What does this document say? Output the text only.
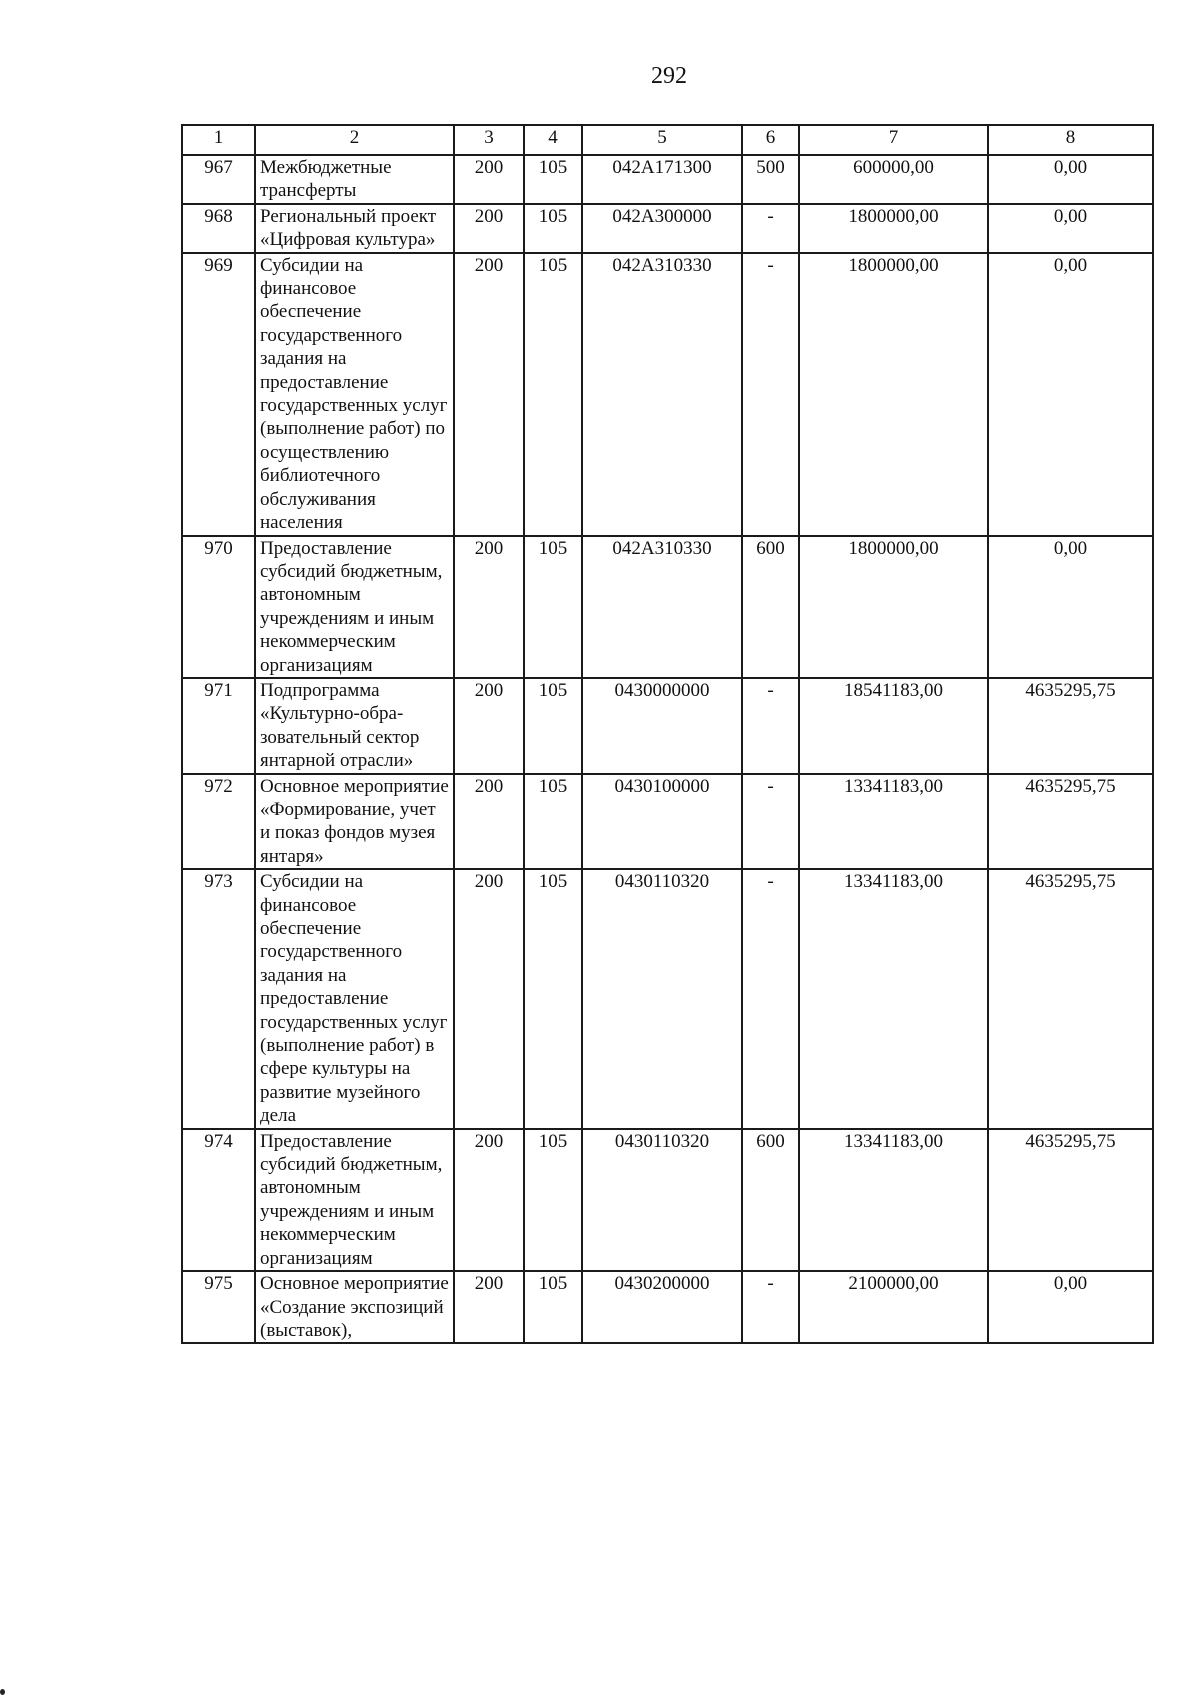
292
1	2	3	4	5	6	7	8
967	Межбюджетные трансферты	200	105	042А171300	500	600000,00	0,00
968	Региональный проект «Цифровая культура»	200	105	042А300000	-	1800000,00	0,00
969	Субсидии на финансовое обеспечение государственного задания на предоставление государственных услуг (выполнение работ) по осуществлению библиотечного обслуживания населения	200	105	042А310330	-	1800000,00	0,00
970	Предоставление субсидий бюджетным, автономным учреждениям и иным некоммерческим организациям	200	105	042А310330	600	1800000,00	0,00
971	Подпрограмма «Культурно-обра-зовательный сектор янтарной отрасли»	200	105	0430000000	-	18541183,00	4635295,75
972	Основное мероприятие «Формирование, учет и показ фондов музея янтаря»	200	105	0430100000	-	13341183,00	4635295,75
973	Субсидии на финансовое обеспечение государственного задания на предоставление государственных услуг (выполнение работ) в сфере культуры на развитие музейного дела	200	105	0430110320	-	13341183,00	4635295,75
974	Предоставление субсидий бюджетным, автономным учреждениям и иным некоммерческим организациям	200	105	0430110320	600	13341183,00	4635295,75
975	Основное мероприятие «Создание экспозиций (выставок),	200	105	0430200000	-	2100000,00	0,00
